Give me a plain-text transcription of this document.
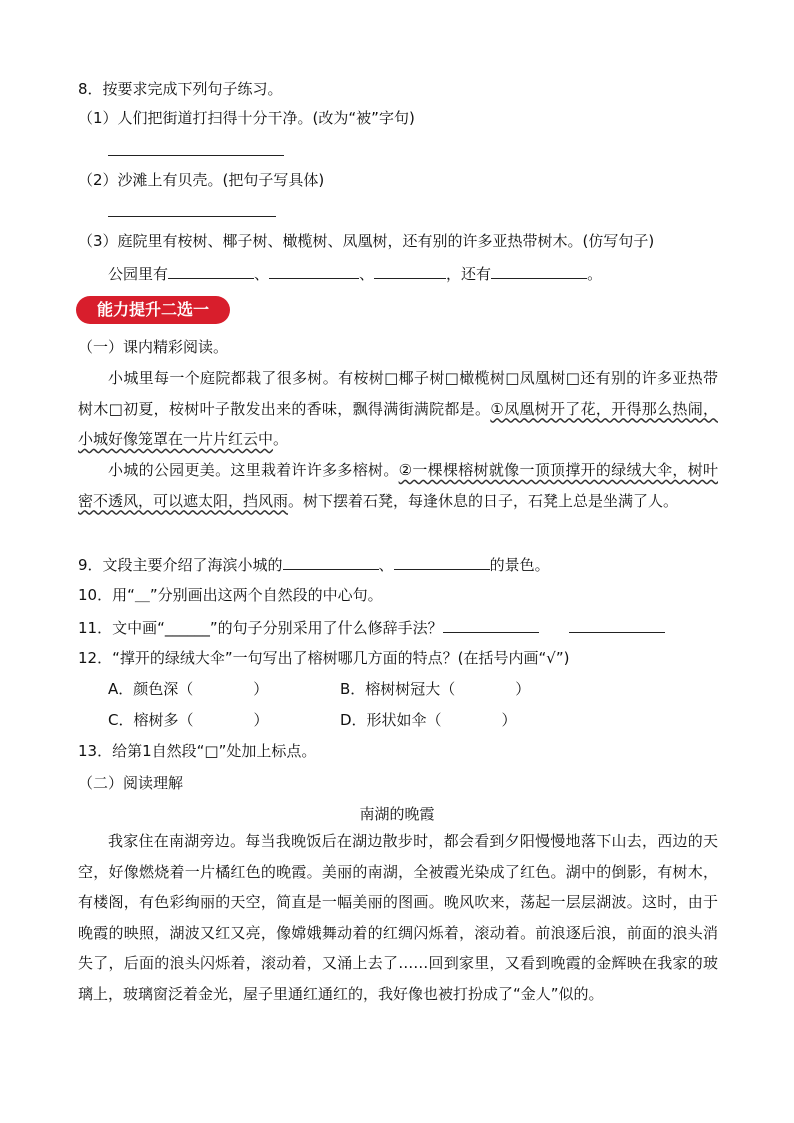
8．按要求完成下列句子练习。
（1）人们把街道打扫得十分干净。(改为“被”字句)
（2）沙滩上有贝壳。(把句子写具体)
（3）庭院里有桉树、椰子树、橄榄树、凤凰树，还有别的许多亚热带树木。(仿写句子)
公园里有	、	、	，还有	。
能力提升二选一
（一）课内精彩阅读。
小城里每一个庭院都栽了很多树。有桉树□椰子树□橄榄树□凤凰树□还有别的许多亚热带树木□初夏，桉树叶子散发出来的香味，飘得满街满院都是。①凤凰树开了花，开得那么热闹，小城好像笼罩在一片片红云中。
小城的公园更美。这里栽着许许多多榕树。②一棵棵榕树就像一顶顶撑开的绿绒大伞，树叶密不透风，可以遮太阳，挡风雨。树下摆着石凳，每逢休息的日子，石凳上总是坐满了人。
9．文段主要介绍了海滨小城的	、	的景色。
10．用“＿”分别画出这两个自然段的中心句。
11．文中画“______”的句子分别采用了什么修辞手法？
12．“撑开的绿绒大伞”一句写出了榕树哪几方面的特点？(在括号内画“√”)
A．颜色深（　　　　）	B．榕树树冠大（　　　　）
C．榕树多（　　　　）	D．形状如伞（　　　　）
13．给第1自然段“□”处加上标点。
（二）阅读理解
南湖的晚霞
我家住在南湖旁边。每当我晚饭后在湖边散步时，都会看到夕阳慢慢地落下山去，西边的天空，好像燃烧着一片橘红色的晚霞。美丽的南湖，全被霞光染成了红色。湖中的倒影，有树木，有楼阁，有色彩绚丽的天空，简直是一幅美丽的图画。晚风吹来，荡起一层层湖波。这时，由于晚霞的映照，湖波又红又亮，像嫦娥舞动着的红绸闪烁着，滚动着。前浪逐后浪，前面的浪头消失了，后面的浪头闪烁着，滚动着，又涌上去了……回到家里，又看到晚霞的金辉映在我家的玻璃上，玻璃窗泛着金光，屋子里通红通红的，我好像也被打扮成了“金人”似的。
